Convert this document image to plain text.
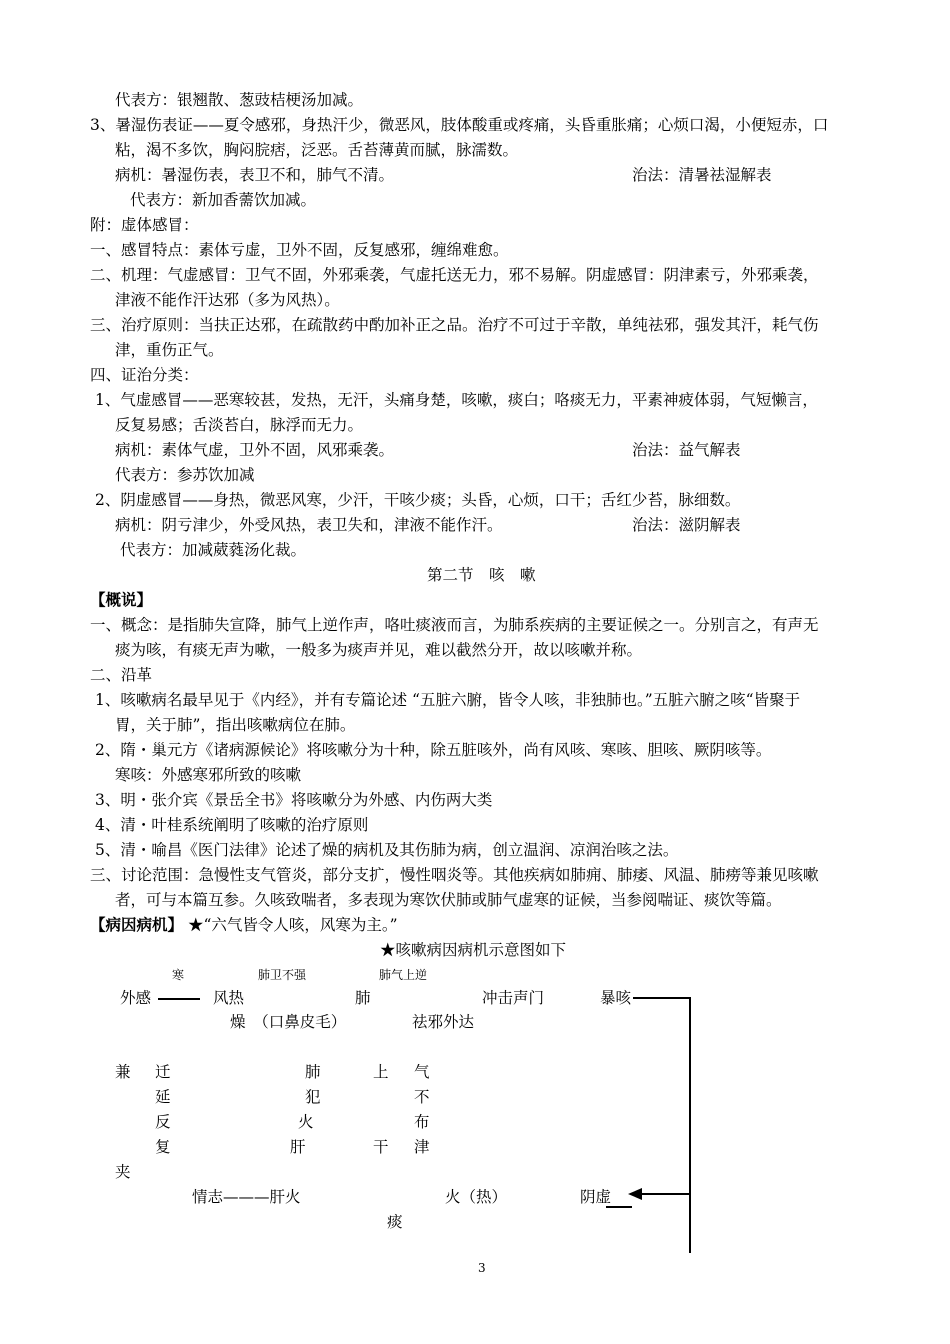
代表方：银翘散、葱豉桔梗汤加减。
3、暑湿伤表证——夏令感邪，身热汗少，微恶风，肢体酸重或疼痛，头昏重胀痛；心烦口渴，小便短赤，口
粘，渴不多饮，胸闷脘痞，泛恶。舌苔薄黄而腻，脉濡数。
病机：暑湿伤表，表卫不和，肺气不清。	治法：清暑祛湿解表
代表方：新加香薷饮加减。
附：虚体感冒：
一、感冒特点：素体亏虚，卫外不固，反复感邪，缠绵难愈。
二、机理：气虚感冒：卫气不固，外邪乘袭，气虚托送无力，邪不易解。阴虚感冒：阴津素亏，外邪乘袭，
津液不能作汗达邪（多为风热）。
三、治疗原则：当扶正达邪，在疏散药中酌加补正之品。治疗不可过于辛散，单纯祛邪，强发其汗，耗气伤
津，重伤正气。
四、证治分类：
1、气虚感冒——恶寒较甚，发热，无汗，头痛身楚，咳嗽，痰白；咯痰无力，平素神疲体弱，气短懒言，
反复易感；舌淡苔白，脉浮而无力。
病机：素体气虚，卫外不固，风邪乘袭。	治法：益气解表
代表方：参苏饮加减
2、阴虚感冒——身热，微恶风寒，少汗，干咳少痰；头昏，心烦，口干；舌红少苔，脉细数。
病机：阴亏津少，外受风热，表卫失和，津液不能作汗。	治法：滋阴解表
代表方：加减葳蕤汤化裁。
第二节　咳　嗽
【概说】
一、概念：是指肺失宣降，肺气上逆作声，咯吐痰液而言，为肺系疾病的主要证候之一。分别言之，有声无
痰为咳，有痰无声为嗽，一般多为痰声并见，难以截然分开，故以咳嗽并称。
二、沿革
1、咳嗽病名最早见于《内经》，并有专篇论述 “五脏六腑，皆令人咳，非独肺也。”五脏六腑之咳“皆聚于
胃，关于肺”，指出咳嗽病位在肺。
2、隋・巢元方《诸病源候论》将咳嗽分为十种，除五脏咳外，尚有风咳、寒咳、胆咳、厥阴咳等。
寒咳：外感寒邪所致的咳嗽
3、明・张介宾《景岳全书》将咳嗽分为外感、内伤两大类
4、清・叶桂系统阐明了咳嗽的治疗原则
5、清・喻昌《医门法律》论述了燥的病机及其伤肺为病，创立温润、凉润治咳之法。
三、讨论范围：急慢性支气管炎，部分支扩，慢性咽炎等。其他疾病如肺痈、肺痿、风温、肺痨等兼见咳嗽
者，可与本篇互参。久咳致喘者，多表现为寒饮伏肺或肺气虚寒的证候，当参阅喘证、痰饮等篇。
【病因病机】 ★“六气皆令人咳，风寒为主。”
★咳嗽病因病机示意图如下
寒	肺卫不强	肺气上逆
外感	风热	肺	冲击声门	暴咳
燥　（口鼻皮毛）	祛邪外达
兼
夹
迁
延
反
复
肺
犯
火
肝
上
干
气
不
布
津
情志———肝火	火（热）	阴虚
痰
3
